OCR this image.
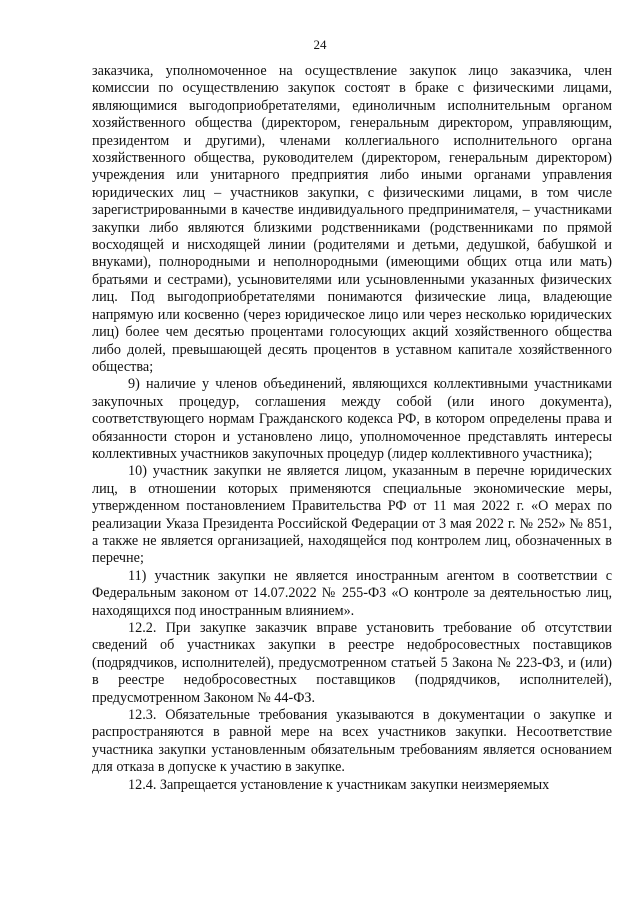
24

заказчика, уполномоченное на осуществление закупок лицо заказчика, член комиссии по осуществлению закупок состоят в браке с физическими лицами, являющимися выгодоприобретателями, единоличным исполнительным органом хозяйственного общества (директором, генеральным директором, управляющим, президентом и другими), членами коллегиального исполнительного органа хозяйственного общества, руководителем (директором, генеральным директором) учреждения или унитарного предприятия либо иными органами управления юридических лиц – участников закупки, с физическими лицами, в том числе зарегистрированными в качестве индивидуального предпринимателя, – участниками закупки либо являются близкими родственниками (родственниками по прямой восходящей и нисходящей линии (родителями и детьми, дедушкой, бабушкой и внуками), полнородными и неполнородными (имеющими общих отца или мать) братьями и сестрами), усыновителями или усыновленными указанных физических лиц. Под выгодоприобретателями понимаются физические лица, владеющие напрямую или косвенно (через юридическое лицо или через несколько юридических лиц) более чем десятью процентами голосующих акций хозяйственного общества либо долей, превышающей десять процентов в уставном капитале хозяйственного общества;

9) наличие у членов объединений, являющихся коллективными участниками закупочных процедур, соглашения между собой (или иного документа), соответствующего нормам Гражданского кодекса РФ, в котором определены права и обязанности сторон и установлено лицо, уполномоченное представлять интересы коллективных участников закупочных процедур (лидер коллективного участника);

10) участник закупки не является лицом, указанным в перечне юридических лиц, в отношении которых применяются специальные экономические меры, утвержденном постановлением Правительства РФ от 11 мая 2022 г. «О мерах по реализации Указа Президента Российской Федерации от 3 мая 2022 г. № 252» № 851, а также не является организацией, находящейся под контролем лиц, обозначенных в перечне;

11) участник закупки не является иностранным агентом в соответствии с Федеральным законом от 14.07.2022 № 255-ФЗ «О контроле за деятельностью лиц, находящихся под иностранным влиянием».

12.2. При закупке заказчик вправе установить требование об отсутствии сведений об участниках закупки в реестре недобросовестных поставщиков (подрядчиков, исполнителей), предусмотренном статьей 5 Закона № 223-ФЗ, и (или) в реестре недобросовестных поставщиков (подрядчиков, исполнителей), предусмотренном Законом № 44-ФЗ.

12.3. Обязательные требования указываются в документации о закупке и распространяются в равной мере на всех участников закупки. Несоответствие участника закупки установленным обязательным требованиям является основанием для отказа в допуске к участию в закупке.

12.4. Запрещается установление к участникам закупки неизмеряемых
